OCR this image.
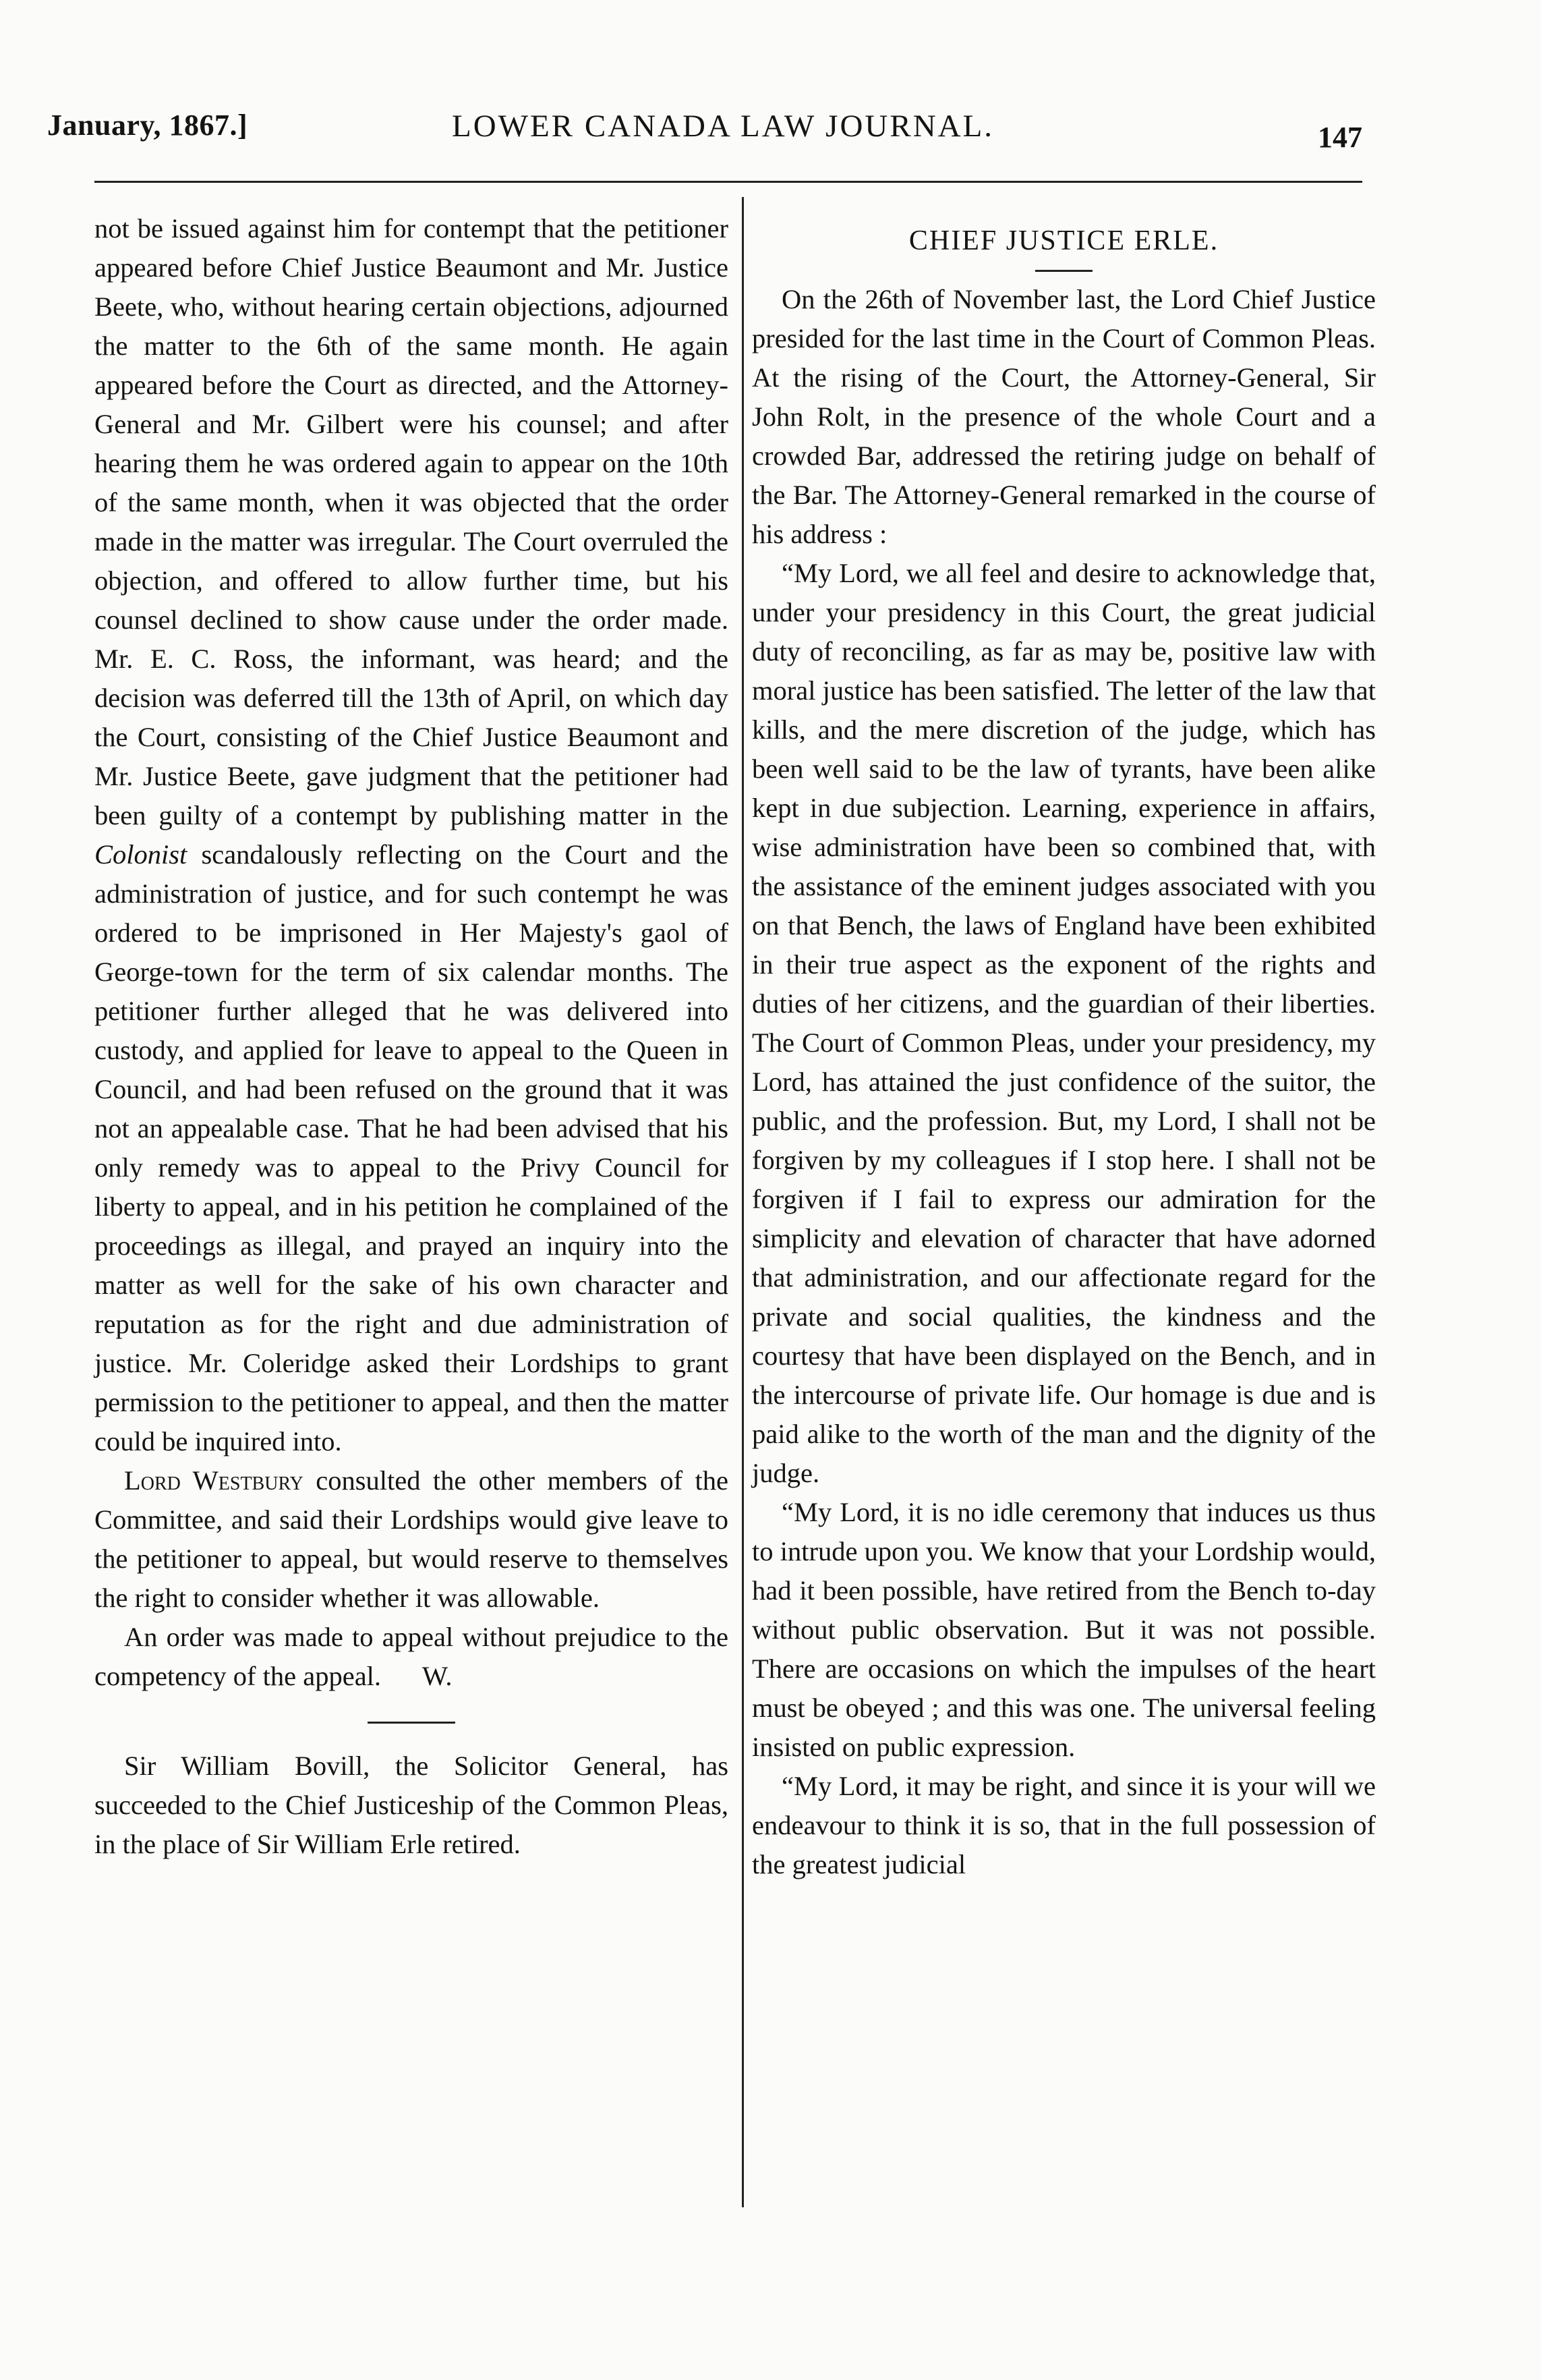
January, 1867.]	LOWER CANADA LAW JOURNAL.	147

not be issued against him for contempt that the petitioner appeared before Chief Justice Beaumont and Mr. Justice Beete, who, without hearing certain objections, adjourned the matter to the 6th of the same month. He again appeared before the Court as directed, and the Attorney-General and Mr. Gilbert were his counsel; and after hearing them he was ordered again to appear on the 10th of the same month, when it was objected that the order made in the matter was irregular. The Court overruled the objection, and offered to allow further time, but his counsel declined to show cause under the order made. Mr. E. C. Ross, the informant, was heard; and the decision was deferred till the 13th of April, on which day the Court, consisting of the Chief Justice Beaumont and Mr. Justice Beete, gave judgment that the petitioner had been guilty of a contempt by publishing matter in the Colonist scandalously reflecting on the Court and the administration of justice, and for such contempt he was ordered to be imprisoned in Her Majesty's gaol of George-town for the term of six calendar months. The petitioner further alleged that he was delivered into custody, and applied for leave to appeal to the Queen in Council, and had been refused on the ground that it was not an appealable case. That he had been advised that his only remedy was to appeal to the Privy Council for liberty to appeal, and in his petition he complained of the proceedings as illegal, and prayed an inquiry into the matter as well for the sake of his own character and reputation as for the right and due administration of justice. Mr. Coleridge asked their Lordships to grant permission to the petitioner to appeal, and then the matter could be inquired into.

Lord Westbury consulted the other members of the Committee, and said their Lordships would give leave to the petitioner to appeal, but would reserve to themselves the right to consider whether it was allowable.

An order was made to appeal without prejudice to the competency of the appeal. W.

Sir William Bovill, the Solicitor General, has succeeded to the Chief Justiceship of the Common Pleas, in the place of Sir William Erle retired.

CHIEF JUSTICE ERLE.

On the 26th of November last, the Lord Chief Justice presided for the last time in the Court of Common Pleas. At the rising of the Court, the Attorney-General, Sir John Rolt, in the presence of the whole Court and a crowded Bar, addressed the retiring judge on behalf of the Bar. The Attorney-General remarked in the course of his address :

“My Lord, we all feel and desire to acknowledge that, under your presidency in this Court, the great judicial duty of reconciling, as far as may be, positive law with moral justice has been satisfied. The letter of the law that kills, and the mere discretion of the judge, which has been well said to be the law of tyrants, have been alike kept in due subjection. Learning, experience in affairs, wise administration have been so combined that, with the assistance of the eminent judges associated with you on that Bench, the laws of England have been exhibited in their true aspect as the exponent of the rights and duties of her citizens, and the guardian of their liberties. The Court of Common Pleas, under your presidency, my Lord, has attained the just confidence of the suitor, the public, and the profession. But, my Lord, I shall not be forgiven by my colleagues if I stop here. I shall not be forgiven if I fail to express our admiration for the simplicity and elevation of character that have adorned that administration, and our affectionate regard for the private and social qualities, the kindness and the courtesy that have been displayed on the Bench, and in the intercourse of private life. Our homage is due and is paid alike to the worth of the man and the dignity of the judge.

“My Lord, it is no idle ceremony that induces us thus to intrude upon you. We know that your Lordship would, had it been possible, have retired from the Bench to-day without public observation. But it was not possible. There are occasions on which the impulses of the heart must be obeyed ; and this was one. The universal feeling insisted on public expression.

“My Lord, it may be right, and since it is your will we endeavour to think it is so, that in the full possession of the greatest judicial
